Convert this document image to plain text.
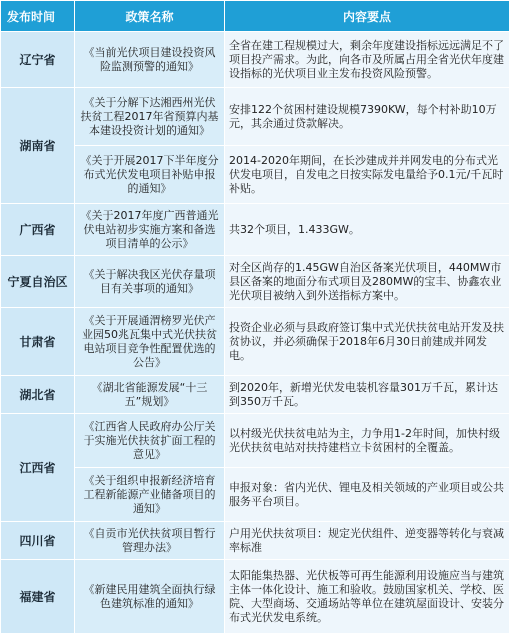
发布时间	政策名称	内容要点
辽宁省	《当前光伏项目建设投资风险监测预警的通知》	全省在建工程规模过大，剩余年度建设指标远远满足不了项目投产需求。为此，向各市及所属占用全省光伏年度建设指标的光伏项目业主发布投资风险预警。
湖南省	《关于分解下达湘西州光伏扶贫工程2017年省预算内基本建设投资计划的通知》	安排122个贫困村建设规模7390KW，每个村补助10万元，其余通过贷款解决。
	《关于开展2017下半年度分布式光伏发电项目补贴申报的通知》	2014-2020年期间，在长沙建成并并网发电的分布式光伏发电项目，自发电之日按实际发电量给予0.1元/千瓦时补贴。
广西省	《关于2017年度广西普通光伏电站初步实施方案和备选项目清单的公示》	共32个项目，1.433GW。
宁夏自治区	《关于解决我区光伏存量项目有关事项的通知》	对全区尚存的1.45GW自治区备案光伏项目，440MW市县区备案的地面分布式项目及280MW的宝丰、协鑫农业光伏项目被纳入到外送指标方案中。
甘肃省	《关于开展通渭榜罗光伏产业园50兆瓦集中式光伏扶贫电站项目竞争性配置优选的公告》	投资企业必须与县政府签订集中式光伏扶贫电站开发及扶贫协议，并必须确保于2018年6月30日前建成并网发电。
湖北省	《湖北省能源发展“十三五”规划》	到2020年，新增光伏发电装机容量301万千瓦，累计达到350万千瓦。
江西省	《江西省人民政府办公厅关于实施光伏扶贫扩面工程的意见》	以村级光伏扶贫电站为主，力争用1-2年时间，加快村级光伏扶贫电站对扶持建档立卡贫困村的全覆盖。
	《关于组织申报新经济培育工程新能源产业储备项目的通知》	申报对象：省内光伏、锂电及相关领域的产业项目或公共服务平台项目。
四川省	《自贡市光伏扶贫项目暂行管理办法》	户用光伏扶贫项目：规定光伏组件、逆变器等转化与衰减率标准
福建省	《新建民用建筑全面执行绿色建筑标准的通知》	太阳能集热器、光伏板等可再生能源利用设施应当与建筑主体一体化设计、施工和验收。鼓励国家机关、学校、医院、大型商场、交通场站等单位在建筑屋面设计、安装分布式光伏发电系统。
